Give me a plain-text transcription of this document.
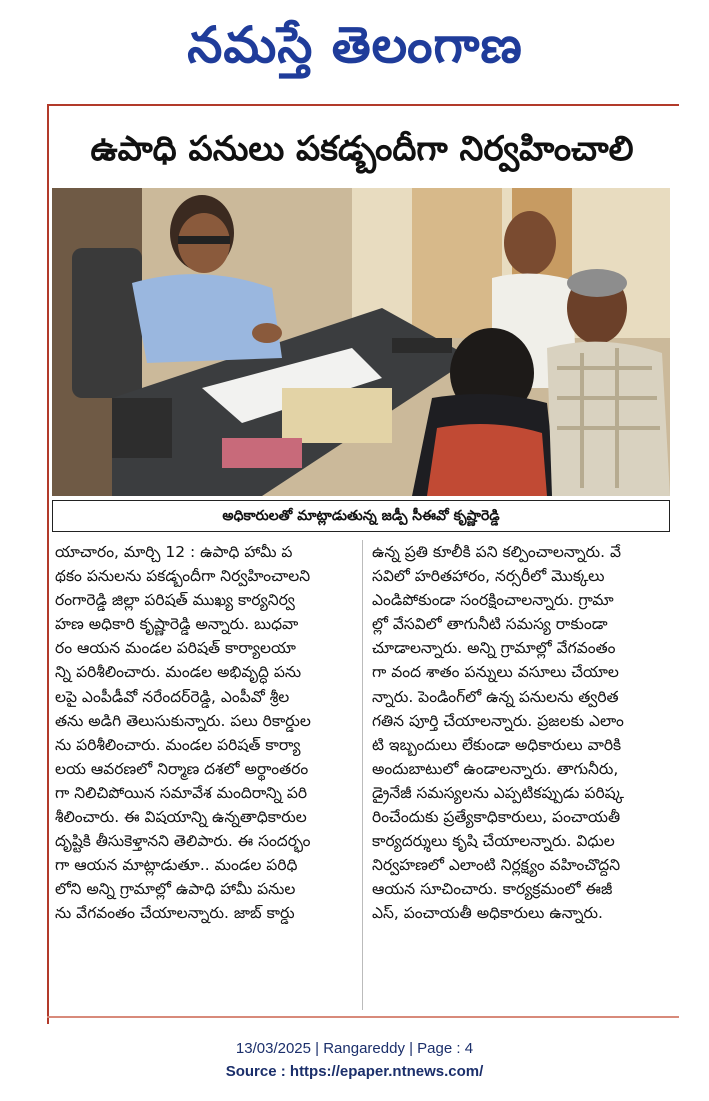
నమస్తే తెలంగాణ
ఉపాధి పనులు పకడ్బందీగా నిర్వహించాలి
అధికారులతో మాట్లాడుతున్న జడ్పీ సీఈవో కృష్ణారెడ్డి

యాచారం, మార్చి 12 : ఉపాధి హామీ ప

థకం పనులను పకడ్బందీగా నిర్వహించాలని

రంగారెడ్డి జిల్లా పరిషత్ ముఖ్య కార్యనిర్వ

హణ అధికారి కృష్ణారెడ్డి అన్నారు. బుధవా

రం ఆయన మండల పరిషత్ కార్యాలయా

న్ని పరిశీలించారు. మండల అభివృద్ధి పను

లపై ఎంపీడీవో నరేందర్‌రెడ్డి, ఎంపీవో శ్రీల

తను అడిగి తెలుసుకున్నారు. పలు రికార్డుల

ను పరిశీలించారు. మండల పరిషత్ కార్యా

లయ ఆవరణలో నిర్మాణ దశలో అర్థాంతరం

గా నిలిచిపోయిన సమావేశ మందిరాన్ని పరి

శీలించారు. ఈ విషయాన్ని ఉన్నతాధికారుల

దృష్టికి తీసుకెళ్తానని తెలిపారు. ఈ సందర్భం

గా ఆయన మాట్లాడుతూ.. మండల పరిధి

లోని అన్ని గ్రామాల్లో ఉపాధి హామీ పనుల

ను వేగవంతం చేయాలన్నారు. జాబ్ కార్డు

ఉన్న ప్రతి కూలీకి పని కల్పించాలన్నారు. వే

సవిలో హరితహారం, నర్సరీలో మొక్కలు

ఎండిపోకుండా సంరక్షించాలన్నారు. గ్రామా

ల్లో వేసవిలో తాగునీటి సమస్య రాకుండా

చూడాలన్నారు. అన్ని గ్రామాల్లో వేగవంతం

గా వంద శాతం పన్నులు వసూలు చేయాల

న్నారు. పెండింగ్‌లో ఉన్న పనులను త్వరిత

గతిన పూర్తి చేయాలన్నారు. ప్రజలకు ఎలాం

టి ఇబ్బందులు లేకుండా అధికారులు వారికి

అందుబాటులో ఉండాలన్నారు. తాగునీరు,

డ్రైనేజీ సమస్యలను ఎప్పటికప్పుడు పరిష్క

రించేందుకు ప్రత్యేకాధికారులు, పంచాయతీ

కార్యదర్శులు కృషి చేయాలన్నారు. విధుల

నిర్వహణలో ఎలాంటి నిర్లక్ష్యం వహించొద్దని

ఆయన సూచించారు. కార్యక్రమంలో ఈజీ

ఎస్, పంచాయతీ అధికారులు ఉన్నారు.

13/03/2025 | Rangareddy | Page : 4
Source : https://epaper.ntnews.com/
